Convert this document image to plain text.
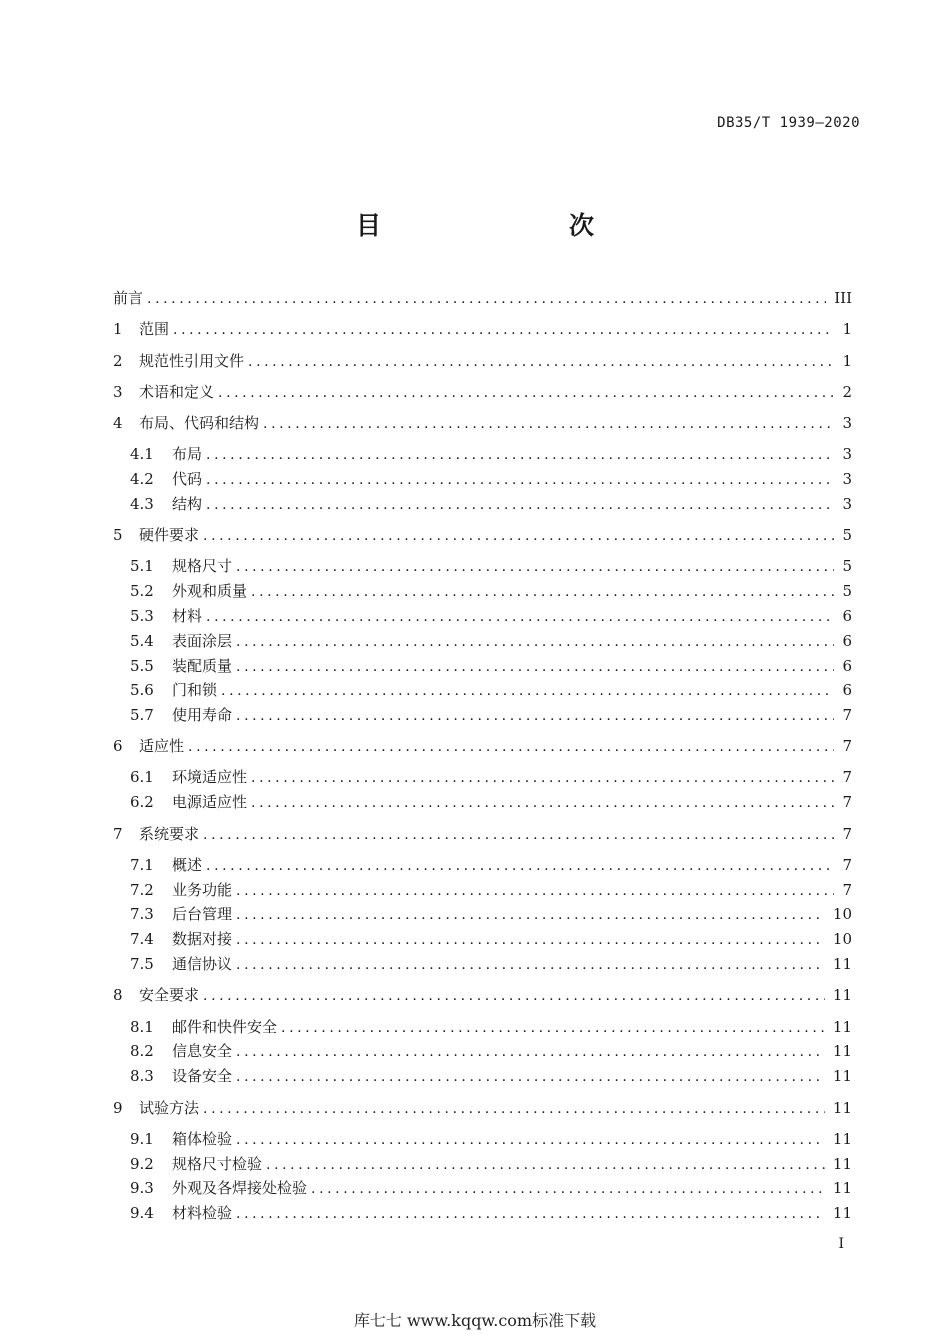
DB35/T 1939—2020
目　　次
前言 .....	III
1	范围 .....	1
2	规范性引用文件 .....	1
3	术语和定义 .....	2
4	布局、代码和结构 .....	3
4.1	布局 .....	3
4.2	代码 .....	3
4.3	结构 .....	3
5	硬件要求 .....	5
5.1	规格尺寸 .....	5
5.2	外观和质量 .....	5
5.3	材料 .....	6
5.4	表面涂层 .....	6
5.5	装配质量 .....	6
5.6	门和锁 .....	6
5.7	使用寿命 .....	7
6	适应性 .....	7
6.1	环境适应性 .....	7
6.2	电源适应性 .....	7
7	系统要求 .....	7
7.1	概述 .....	7
7.2	业务功能 .....	7
7.3	后台管理 .....	10
7.4	数据对接 .....	10
7.5	通信协议 .....	11
8	安全要求 .....	11
8.1	邮件和快件安全 .....	11
8.2	信息安全 .....	11
8.3	设备安全 .....	11
9	试验方法 .....	11
9.1	箱体检验 .....	11
9.2	规格尺寸检验 .....	11
9.3	外观及各焊接处检验 .....	11
9.4	材料检验 .....	11
I
库七七 www.kqqw.com标准下载
